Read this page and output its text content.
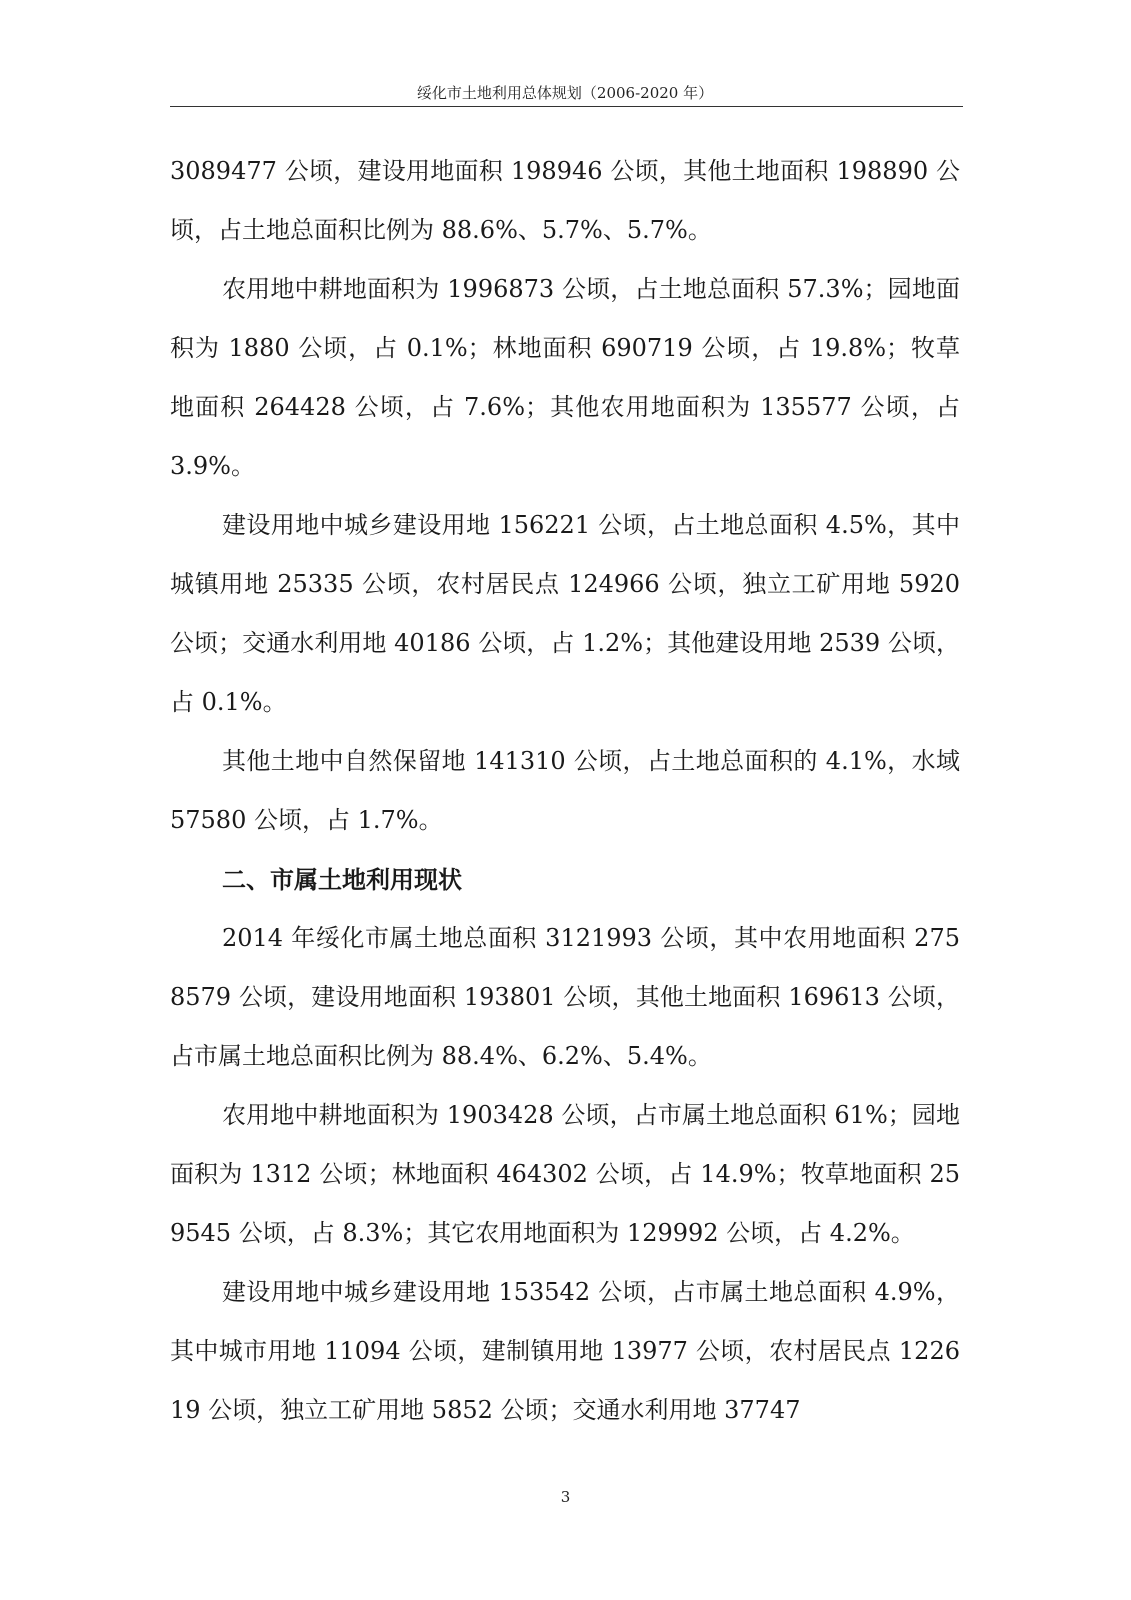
绥化市土地利用总体规划（2006-2020 年）

3089477 公顷，建设用地面积 198946 公顷，其他土地面积 198890 公顷，占土地总面积比例为 88.6%、5.7%、5.7%。

农用地中耕地面积为 1996873 公顷，占土地总面积 57.3%；园地面积为 1880 公顷，占 0.1%；林地面积 690719 公顷，占 19.8%；牧草地面积 264428 公顷，占 7.6%；其他农用地面积为 135577 公顷，占 3.9%。

建设用地中城乡建设用地 156221 公顷，占土地总面积 4.5%，其中城镇用地 25335 公顷，农村居民点 124966 公顷，独立工矿用地 5920 公顷；交通水利用地 40186 公顷，占 1.2%；其他建设用地 2539 公顷，占 0.1%。

其他土地中自然保留地 141310 公顷，占土地总面积的 4.1%，水域 57580 公顷，占 1.7%。

二、市属土地利用现状

2014 年绥化市属土地总面积 3121993 公顷，其中农用地面积 2758579 公顷，建设用地面积 193801 公顷，其他土地面积 169613 公顷，占市属土地总面积比例为 88.4%、6.2%、5.4%。

农用地中耕地面积为 1903428 公顷，占市属土地总面积 61%；园地面积为 1312 公顷；林地面积 464302 公顷，占 14.9%；牧草地面积 259545 公顷，占 8.3%；其它农用地面积为 129992 公顷，占 4.2%。

建设用地中城乡建设用地 153542 公顷，占市属土地总面积 4.9%，其中城市用地 11094 公顷，建制镇用地 13977 公顷，农村居民点 122619 公顷，独立工矿用地 5852 公顷；交通水利用地 37747

3
